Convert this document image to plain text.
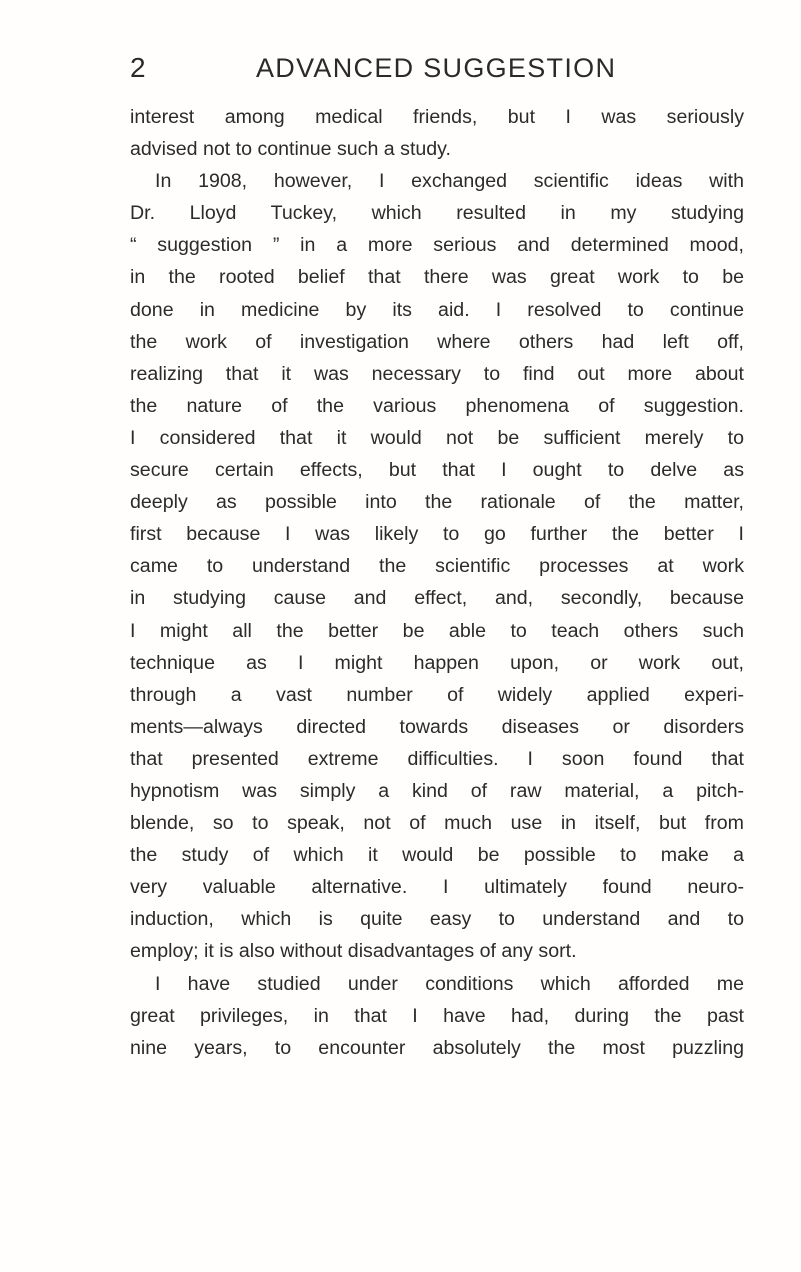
2	ADVANCED SUGGESTION
interest among medical friends, but I was seriously
advised not to continue such a study.
In 1908, however, I exchanged scientific ideas with
Dr. Lloyd Tuckey, which resulted in my studying
“ suggestion ” in a more serious and determined mood,
in the rooted belief that there was great work to be
done in medicine by its aid. I resolved to continue
the work of investigation where others had left off,
realizing that it was necessary to find out more about
the nature of the various phenomena of suggestion.
I considered that it would not be sufficient merely to
secure certain effects, but that I ought to delve as
deeply as possible into the rationale of the matter,
first because I was likely to go further the better I
came to understand the scientific processes at work
in studying cause and effect, and, secondly, because
I might all the better be able to teach others such
technique as I might happen upon, or work out,
through a vast number of widely applied experi-
ments—always directed towards diseases or disorders
that presented extreme difficulties. I soon found that
hypnotism was simply a kind of raw material, a pitch-
blende, so to speak, not of much use in itself, but from
the study of which it would be possible to make a
very valuable alternative. I ultimately found neuro-
induction, which is quite easy to understand and to
employ; it is also without disadvantages of any sort.
I have studied under conditions which afforded me
great privileges, in that I have had, during the past
nine years, to encounter absolutely the most puzzling
